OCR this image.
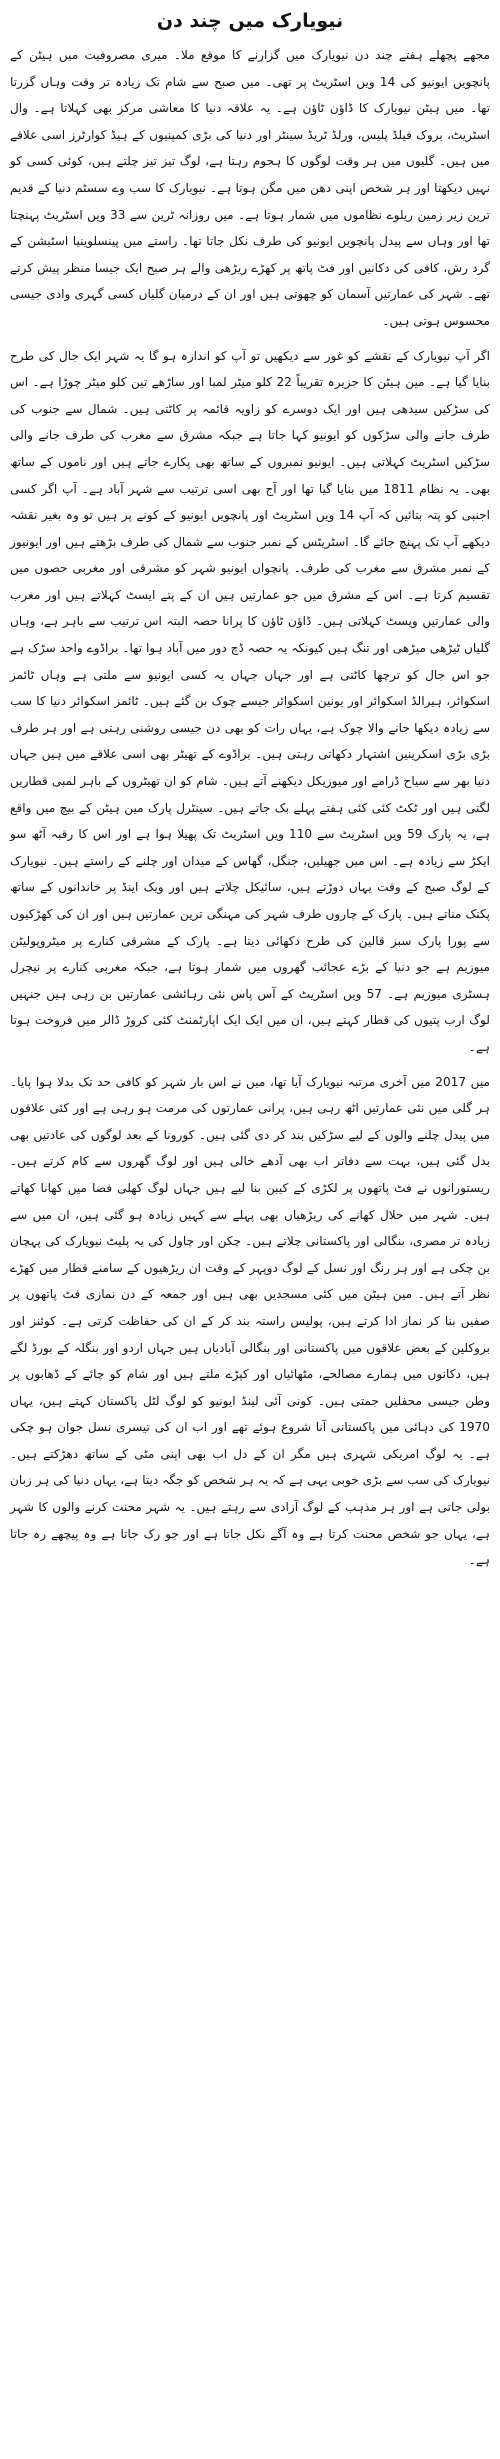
نیویارک میں چند دن

مجھے پچھلے ہفتے چند دن نیویارک میں گزارنے کا موقع ملا۔ میری مصروفیت میں ہیٹن کے پانچویں ایونیو کی 14 ویں اسٹریٹ پر تھی۔ میں صبح سے شام تک زیادہ تر وقت وہاں گزرتا تھا۔ میں ہیٹن نیویارک کا ڈاؤن ٹاؤن ہے۔ یہ علاقہ دنیا کا معاشی مرکز بھی کہلاتا ہے۔ وال اسٹریٹ، بروک فیلڈ پلیس، ورلڈ ٹریڈ سینٹر اور دنیا کی بڑی کمپنیوں کے ہیڈ کوارٹرز اسی علاقے میں ہیں۔ گلیوں میں ہر وقت لوگوں کا ہجوم رہتا ہے، لوگ تیز تیز چلتے ہیں، کوئی کسی کو نہیں دیکھتا اور ہر شخص اپنی دھن میں مگن ہوتا ہے۔ نیویارک کا سب وے سسٹم دنیا کے قدیم ترین زیر زمین ریلوے نظاموں میں شمار ہوتا ہے۔ میں روزانہ ٹرین سے 33 ویں اسٹریٹ پہنچتا تھا اور وہاں سے پیدل پانچویں ایونیو کی طرف نکل جاتا تھا۔ راستے میں پینسلوینیا اسٹیشن کے گرد رش، کافی کی دکانیں اور فٹ پاتھ پر کھڑے ریڑھی والے ہر صبح ایک جیسا منظر پیش کرتے تھے۔ شہر کی عمارتیں آسمان کو چھوتی ہیں اور ان کے درمیان گلیاں کسی گہری وادی جیسی محسوس ہوتی ہیں۔

اگر آپ نیویارک کے نقشے کو غور سے دیکھیں تو آپ کو اندازہ ہو گا یہ شہر ایک جال کی طرح بنایا گیا ہے۔ مین ہیٹن کا جزیرہ تقریباً 22 کلو میٹر لمبا اور ساڑھے تین کلو میٹر چوڑا ہے۔ اس کی سڑکیں سیدھی ہیں اور ایک دوسرے کو زاویہ قائمہ پر کاٹتی ہیں۔ شمال سے جنوب کی طرف جانے والی سڑکوں کو ایونیو کہا جاتا ہے جبکہ مشرق سے مغرب کی طرف جانے والی سڑکیں اسٹریٹ کہلاتی ہیں۔ ایونیو نمبروں کے ساتھ بھی پکارے جاتے ہیں اور ناموں کے ساتھ بھی۔ یہ نظام 1811 میں بنایا گیا تھا اور آج بھی اسی ترتیب سے شہر آباد ہے۔ آپ اگر کسی اجنبی کو پتہ بتائیں کہ آپ 14 ویں اسٹریٹ اور پانچویں ایونیو کے کونے پر ہیں تو وہ بغیر نقشہ دیکھے آپ تک پہنچ جائے گا۔ اسٹریٹس کے نمبر جنوب سے شمال کی طرف بڑھتے ہیں اور ایونیوز کے نمبر مشرق سے مغرب کی طرف۔ پانچواں ایونیو شہر کو مشرقی اور مغربی حصوں میں تقسیم کرتا ہے۔ اس کے مشرق میں جو عمارتیں ہیں ان کے پتے ایسٹ کہلاتے ہیں اور مغرب والی عمارتیں ویسٹ کہلاتی ہیں۔ ڈاؤن ٹاؤن کا پرانا حصہ البتہ اس ترتیب سے باہر ہے، وہاں گلیاں ٹیڑھی میڑھی اور تنگ ہیں کیونکہ یہ حصہ ڈچ دور میں آباد ہوا تھا۔ براڈوے واحد سڑک ہے جو اس جال کو ترچھا کاٹتی ہے اور جہاں جہاں یہ کسی ایونیو سے ملتی ہے وہاں ٹائمز اسکوائر، ہیرالڈ اسکوائر اور یونین اسکوائر جیسے چوک بن گئے ہیں۔ ٹائمز اسکوائر دنیا کا سب سے زیادہ دیکھا جانے والا چوک ہے، یہاں رات کو بھی دن جیسی روشنی رہتی ہے اور ہر طرف بڑی بڑی اسکرینیں اشتہار دکھاتی رہتی ہیں۔ براڈوے کے تھیٹر بھی اسی علاقے میں ہیں جہاں دنیا بھر سے سیاح ڈرامے اور میوزیکل دیکھنے آتے ہیں۔ شام کو ان تھیٹروں کے باہر لمبی قطاریں لگتی ہیں اور ٹکٹ کئی کئی ہفتے پہلے بک جاتے ہیں۔ سینٹرل پارک مین ہیٹن کے بیچ میں واقع ہے، یہ پارک 59 ویں اسٹریٹ سے 110 ویں اسٹریٹ تک پھیلا ہوا ہے اور اس کا رقبہ آٹھ سو ایکڑ سے زیادہ ہے۔ اس میں جھیلیں، جنگل، گھاس کے میدان اور چلنے کے راستے ہیں۔ نیویارک کے لوگ صبح کے وقت یہاں دوڑتے ہیں، سائیکل چلاتے ہیں اور ویک اینڈ پر خاندانوں کے ساتھ پکنک مناتے ہیں۔ پارک کے چاروں طرف شہر کی مہنگی ترین عمارتیں ہیں اور ان کی کھڑکیوں سے پورا پارک سبز قالین کی طرح دکھائی دیتا ہے۔ پارک کے مشرقی کنارے پر میٹروپولیٹن میوزیم ہے جو دنیا کے بڑے عجائب گھروں میں شمار ہوتا ہے، جبکہ مغربی کنارے پر نیچرل ہسٹری میوزیم ہے۔ 57 ویں اسٹریٹ کے آس پاس نئی رہائشی عمارتیں بن رہی ہیں جنہیں لوگ ارب پتیوں کی قطار کہتے ہیں، ان میں ایک ایک اپارٹمنٹ کئی کروڑ ڈالر میں فروخت ہوتا ہے۔

میں 2017 میں آخری مرتبہ نیویارک آیا تھا، میں نے اس بار شہر کو کافی حد تک بدلا ہوا پایا۔ ہر گلی میں نئی عمارتیں اٹھ رہی ہیں، پرانی عمارتوں کی مرمت ہو رہی ہے اور کئی علاقوں میں پیدل چلنے والوں کے لیے سڑکیں بند کر دی گئی ہیں۔ کورونا کے بعد لوگوں کی عادتیں بھی بدل گئی ہیں، بہت سے دفاتر اب بھی آدھے خالی ہیں اور لوگ گھروں سے کام کرتے ہیں۔ ریستورانوں نے فٹ پاتھوں پر لکڑی کے کیبن بنا لیے ہیں جہاں لوگ کھلی فضا میں کھانا کھاتے ہیں۔ شہر میں حلال کھانے کی ریڑھیاں بھی پہلے سے کہیں زیادہ ہو گئی ہیں، ان میں سے زیادہ تر مصری، بنگالی اور پاکستانی چلاتے ہیں۔ چکن اور چاول کی یہ پلیٹ نیویارک کی پہچان بن چکی ہے اور ہر رنگ اور نسل کے لوگ دوپہر کے وقت ان ریڑھیوں کے سامنے قطار میں کھڑے نظر آتے ہیں۔ مین ہیٹن میں کئی مسجدیں بھی ہیں اور جمعہ کے دن نمازی فٹ پاتھوں پر صفیں بنا کر نماز ادا کرتے ہیں، پولیس راستہ بند کر کے ان کی حفاظت کرتی ہے۔ کوئنز اور بروکلین کے بعض علاقوں میں پاکستانی اور بنگالی آبادیاں ہیں جہاں اردو اور بنگلہ کے بورڈ لگے ہیں، دکانوں میں ہمارے مصالحے، مٹھائیاں اور کپڑے ملتے ہیں اور شام کو چائے کے ڈھابوں پر وطن جیسی محفلیں جمتی ہیں۔ کونی آئی لینڈ ایونیو کو لوگ لٹل پاکستان کہتے ہیں، یہاں 1970 کی دہائی میں پاکستانی آنا شروع ہوئے تھے اور اب ان کی تیسری نسل جوان ہو چکی ہے۔ یہ لوگ امریکی شہری ہیں مگر ان کے دل اب بھی اپنی مٹی کے ساتھ دھڑکتے ہیں۔ نیویارک کی سب سے بڑی خوبی یہی ہے کہ یہ ہر شخص کو جگہ دیتا ہے، یہاں دنیا کی ہر زبان بولی جاتی ہے اور ہر مذہب کے لوگ آزادی سے رہتے ہیں۔ یہ شہر محنت کرنے والوں کا شہر ہے، یہاں جو شخص محنت کرتا ہے وہ آگے نکل جاتا ہے اور جو رک جاتا ہے وہ پیچھے رہ جاتا ہے۔
